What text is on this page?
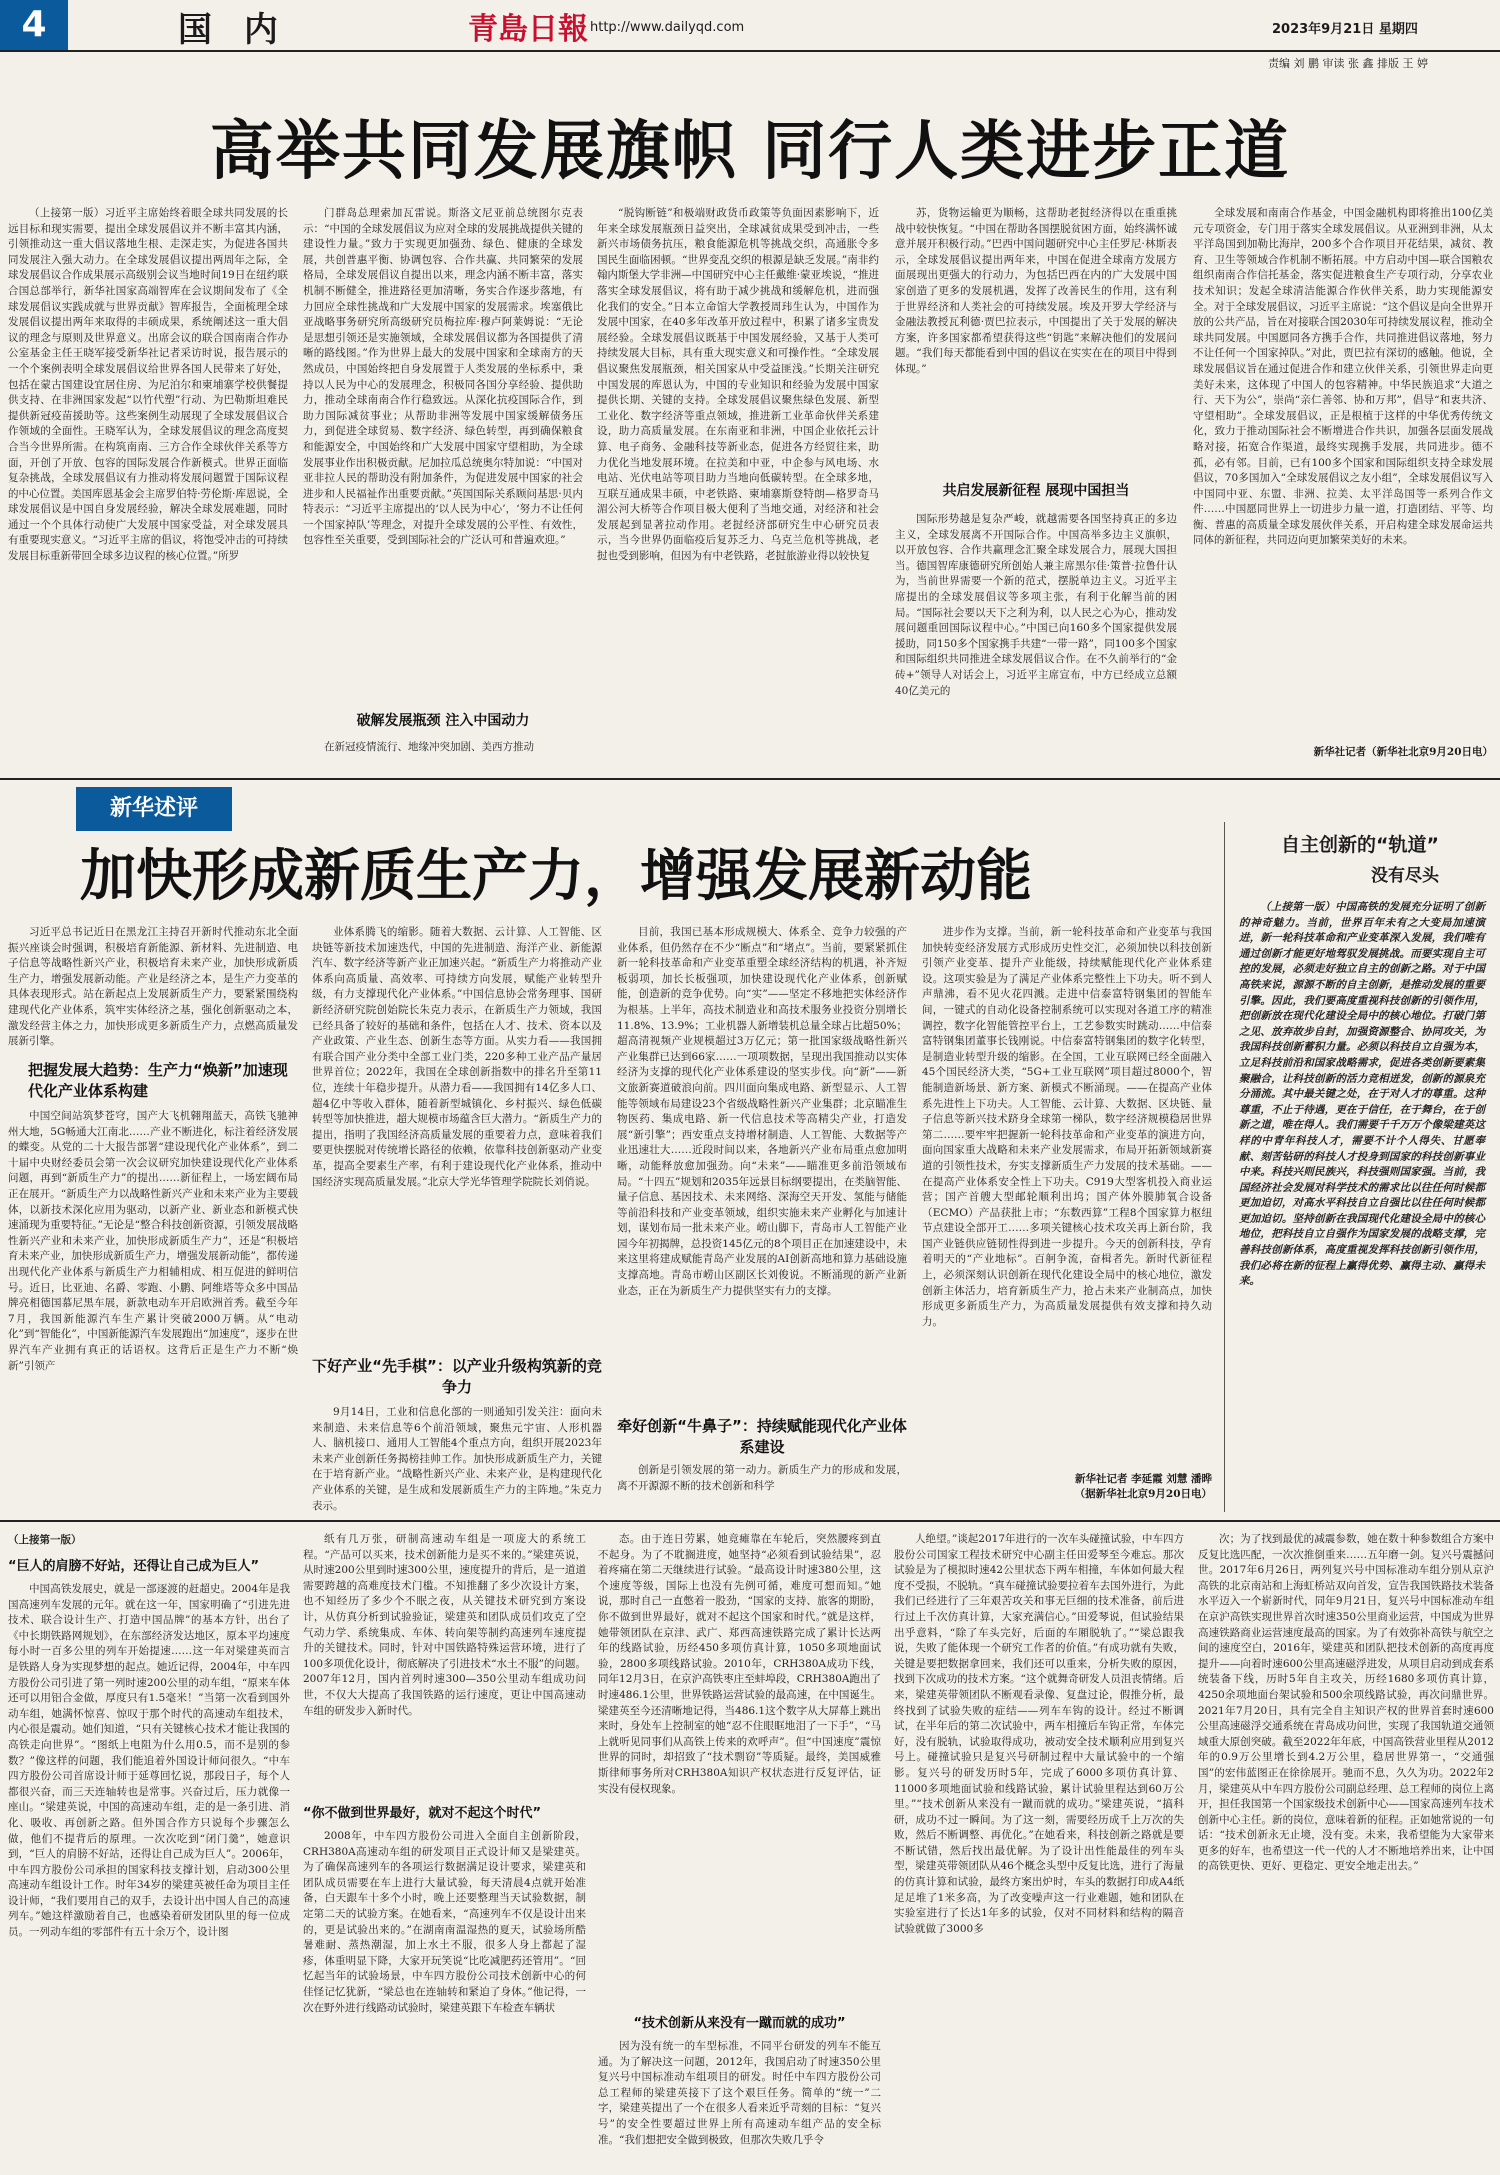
4	国 内	青島日報 http://www.dailyqd.com	2023年9月21日 星期四
责编 刘 鹏 审读 张 鑫 排版 王 婷
高举共同发展旗帜 同行人类进步正道
（上接第一版）习近平主席始终着眼全球共同发展的长远目标和现实需要，提出全球发展倡议并不断丰富其内涵，引领推动这一重大倡议落地生根、走深走实，为促进各国共同发展注入强大动力。在全球发展倡议提出两周年之际，全球发展倡议合作成果展示高级别会议当地时间19日在纽约联合国总部举行，新华社国家高端智库在会议期间发布了《全球发展倡议实践成就与世界贡献》智库报告，全面梳理全球发展倡议提出两年来取得的丰硕成果，系统阐述这一重大倡议的理念与原则及世界意义。出席会议的联合国南南合作办公室基金主任王晓军接受新华社记者采访时说，报告展示的一个个案例表明全球发展倡议给世界各国人民带来了好处，包括在蒙古国建设宜居住房、为尼泊尔和柬埔寨学校供餐提供支持、在非洲国家发起“以竹代塑”行动、为巴勒斯坦难民提供新冠疫苗援助等。这些案例生动展现了全球发展倡议合作领域的全面性。王晓军认为，全球发展倡议的理念高度契合当今世界所需。在构筑南南、三方合作全球伙伴关系等方面，开创了开放、包容的国际发展合作新模式。世界正面临复杂挑战，全球发展倡议有力推动将发展问题置于国际议程的中心位置。美国库恩基金会主席罗伯特·劳伦斯·库恩说，全球发展倡议是中国自身发展经验，解决全球发展难题，同时通过一个个具体行动使广大发展中国家受益，对全球发展具有重要现实意义。“习近平主席的倡议，将饱受冲击的可持续发展目标重新带回全球多边议程的核心位置。”所罗
门群岛总理索加瓦雷说。斯洛文尼亚前总统图尔克表示：“中国的全球发展倡议为应对全球的发展挑战提供关键的建设性力量。”致力于实现更加强劲、绿色、健康的全球发展，共创普惠平衡、协调包容、合作共赢、共同繁荣的发展格局，全球发展倡议自提出以来，理念内涵不断丰富，落实机制不断健全，推进路径更加清晰，务实合作逐步落地，有力回应全球性挑战和广大发展中国家的发展需求。埃塞俄比亚战略事务研究所高级研究员梅拉库·穆卢阿莱姆说：“无论是思想引领还是实施领域，全球发展倡议都为各国提供了清晰的路线图。”作为世界上最大的发展中国家和全球南方的天然成员，中国始终把自身发展置于人类发展的坐标系中，秉持以人民为中心的发展理念，积极同各国分享经验、提供助力，推动全球南南合作行稳致远。从深化抗疫国际合作，到助力国际减贫事业；从帮助非洲等发展中国家缓解债务压力，到促进全球贸易、数字经济、绿色转型，再到确保粮食和能源安全，中国始终和广大发展中国家守望相助，为全球发展事业作出积极贡献。尼加拉瓜总统奥尔特加说：“中国对亚非拉人民的帮助没有附加条件，为促进发展中国家的社会进步和人民福祉作出重要贡献。”英国国际关系顾问基思·贝内特表示：“习近平主席提出的‘以人民为中心’，‘努力不让任何一个国家掉队’等理念，对提升全球发展的公平性、有效性，包容性至关重要，受到国际社会的广泛认可和普遍欢迎。”
破解发展瓶颈 注入中国动力
在新冠疫情流行、地缘冲突加剧、美西方推动
“脱钩断链”和极端财政货币政策等负面因素影响下，近年来全球发展瓶颈日益突出，全球减贫成果受到冲击，一些新兴市场债务抗压，粮食能源危机等挑战交织，高通胀令多国民生面临困顿。“世界变乱交织的根源是缺乏发展。”南非约翰内斯堡大学非洲—中国研究中心主任戴维·蒙亚埃说，“推进落实全球发展倡议，将有助于减少挑战和缓解危机，进而强化我们的安全。”日本立命馆大学教授周玮生认为，中国作为发展中国家，在40多年改革开放过程中，积累了诸多宝贵发展经验。全球发展倡议既基于中国发展经验，又基于人类可持续发展大目标，具有重大现实意义和可操作性。“全球发展倡议聚焦发展瓶颈，相关国家从中受益匪浅。”长期关注研究中国发展的库恩认为，中国的专业知识和经验为发展中国家提供长期、关键的支持。全球发展倡议聚焦绿色发展、新型工业化、数字经济等重点领域，推进新工业革命伙伴关系建设，助力高质量发展。在东南亚和非洲，中国企业依托云计算、电子商务、金融科技等新业态，促进各方经贸往来，助力优化当地发展环境。在拉美和中亚，中企参与风电场、水电站、光伏电站等项目助力当地向低碳转型。在全球多地，互联互通成果丰硕，中老铁路、柬埔寨斯登特朗—格罗奇马湄公河大桥等合作项目极大便利了当地交通，对经济和社会发展起到显著拉动作用。老挝经济部研究生中心研究员表示，当今世界仍面临疫后复苏乏力、乌克兰危机等挑战，老挝也受到影响，但因为有中老铁路，老挝旅游业得以较快复
苏，货物运输更为顺畅，这帮助老挝经济得以在重重挑战中较快恢复。“中国在帮助各国摆脱贫困方面，始终满怀诚意并展开积极行动。”巴西中国问题研究中心主任罗尼·林斯表示，全球发展倡议提出两年来，中国在促进全球南方发展方面展现出更强大的行动力，为包括巴西在内的广大发展中国家创造了更多的发展机遇，发挥了改善民生的作用，这有利于世界经济和人类社会的可持续发展。埃及开罗大学经济与金融法教授瓦利德·贾巴拉表示，中国提出了关于发展的解决方案，许多国家都希望获得这些“钥匙”来解决他们的发展问题。“我们每天都能看到中国的倡议在实实在在的项目中得到体现。”
共启发展新征程 展现中国担当
国际形势越是复杂严峻，就越需要各国坚持真正的多边主义，全球发展离不开国际合作。中国高举多边主义旗帜，以开放包容、合作共赢理念汇聚全球发展合力，展现大国担当。德国智库康德研究所创始人兼主席黑尔佳·策普·拉鲁什认为，当前世界需要一个新的范式，摆脱单边主义。习近平主席提出的全球发展倡议等多项主张，有利于化解当前的困局。“国际社会要以天下之利为利，以人民之心为心，推动发展问题重回国际议程中心。”中国已向160多个国家提供发展援助，同150多个国家携手共建“一带一路”，同100多个国家和国际组织共同推进全球发展倡议合作。在不久前举行的“金砖+”领导人对话会上，习近平主席宣布，中方已经成立总额40亿美元的
全球发展和南南合作基金，中国金融机构即将推出100亿美元专项资金，专门用于落实全球发展倡议。从亚洲到非洲，从太平洋岛国到加勒比海岸，200多个合作项目开花结果，减贫、教育、卫生等领域合作机制不断拓展。中方启动中国—联合国粮农组织南南合作信托基金，落实促进粮食生产专项行动，分享农业技术知识；发起全球清洁能源合作伙伴关系，助力实现能源安全。对于全球发展倡议，习近平主席说：“这个倡议是向全世界开放的公共产品，旨在对接联合国2030年可持续发展议程，推动全球共同发展。中国愿同各方携手合作，共同推进倡议落地，努力不让任何一个国家掉队。”对此，贾巴拉有深切的感触。他说，全球发展倡议旨在通过促进合作和建立伙伴关系，引领世界走向更美好未来，这体现了中国人的包容精神。中华民族追求“大道之行、天下为公”，崇尚“亲仁善邻、协和万邦”，倡导“和衷共济、守望相助”。全球发展倡议，正是根植于这样的中华优秀传统文化，致力于推动国际社会不断增进合作共识，加强各层面发展战略对接，拓宽合作渠道，最终实现携手发展，共同进步。德不孤，必有邻。目前，已有100多个国家和国际组织支持全球发展倡议，70多国加入“全球发展倡议之友小组”，全球发展倡议写入中国同中亚、东盟、非洲、拉美、太平洋岛国等一系列合作文件……中国愿同世界上一切进步力量一道，打造团结、平等、均衡、普惠的高质量全球发展伙伴关系，开启构建全球发展命运共同体的新征程，共同迈向更加繁荣美好的未来。
新华社记者（新华社北京9月20日电）
新华述评
加快形成新质生产力，增强发展新动能
习近平总书记近日在黑龙江主持召开新时代推动东北全面振兴座谈会时强调，积极培育新能源、新材料、先进制造、电子信息等战略性新兴产业，积极培育未来产业，加快形成新质生产力，增强发展新动能。产业是经济之本，是生产力变革的具体表现形式。站在新起点上发展新质生产力，要紧紧围绕构建现代化产业体系，筑牢实体经济之基，强化创新驱动之本，激发经营主体之力，加快形成更多新质生产力，点燃高质量发展新引擎。
把握发展大趋势：生产力“焕新”加速现代化产业体系构建
中国空间站筑梦苍穹，国产大飞机翱翔蓝天，高铁飞驰神州大地，5G畅通大江南北……产业不断进化，标注着经济发展的蝶变。从党的二十大报告部署“建设现代化产业体系”，到二十届中央财经委员会第一次会议研究加快建设现代化产业体系问题，再到“新质生产力”的提出……新征程上，一场宏阔布局正在展开。“新质生产力以战略性新兴产业和未来产业为主要载体，以新技术深化应用为驱动，以新产业、新业态和新模式快速涌现为重要特征。”无论是“整合科技创新资源，引领发展战略性新兴产业和未来产业，加快形成新质生产力”，还是“积极培育未来产业，加快形成新质生产力，增强发展新动能”，都传递出现代化产业体系与新质生产力相辅相成、相互促进的鲜明信号。近日，比亚迪、名爵、零跑、小鹏、阿维塔等众多中国品牌亮相德国慕尼黑车展，新款电动车开启欧洲首秀。截至今年7月，我国新能源汽车生产累计突破2000万辆。从“电动化”到“智能化”，中国新能源汽车发展跑出“加速度”，逐步在世界汽车产业拥有真正的话语权。这背后正是生产力不断“焕新”引领产
业体系腾飞的缩影。随着大数据、云计算、人工智能、区块链等新技术加速迭代，中国的先进制造、海洋产业、新能源汽车、数字经济等新产业正加速兴起。“新质生产力将推动产业体系向高质量、高效率、可持续方向发展，赋能产业转型升级，有力支撑现代化产业体系。”中国信息协会常务理事、国研新经济研究院创始院长朱克力表示，在新质生产力领域，我国已经具备了较好的基础和条件，包括在人才、技术、资本以及产业政策、产业生态、创新生态等方面。从实力看——我国拥有联合国产业分类中全部工业门类，220多种工业产品产量居世界首位；2022年，我国在全球创新指数中的排名升至第11位，连续十年稳步提升。从潜力看——我国拥有14亿多人口、超4亿中等收入群体，随着新型城镇化、乡村振兴、绿色低碳转型等加快推进，超大规模市场蕴含巨大潜力。“新质生产力的提出，指明了我国经济高质量发展的重要着力点，意味着我们要更快摆脱对传统增长路径的依赖，依靠科技创新驱动产业变革，提高全要素生产率，有利于建设现代化产业体系，推动中国经济实现高质量发展。”北京大学光华管理学院院长刘俏说。
下好产业“先手棋”：以产业升级构筑新的竞争力
9月14日，工业和信息化部的一则通知引发关注：面向未来制造、未来信息等6个前沿领域，聚焦元宇宙、人形机器人、脑机接口、通用人工智能4个重点方向，组织开展2023年未来产业创新任务揭榜挂帅工作。加快形成新质生产力，关键在于培育新产业。“战略性新兴产业、未来产业，是构建现代化产业体系的关键，是生成和发展新质生产力的主阵地。”朱克力表示。
目前，我国已基本形成规模大、体系全、竞争力较强的产业体系，但仍然存在不少“断点”和“堵点”。当前，要紧紧抓住新一轮科技革命和产业变革重塑全球经济结构的机遇，补齐短板弱项，加长长板强项，加快建设现代化产业体系，创新赋能，创造新的竞争优势。向“实”——坚定不移地把实体经济作为根基。上半年，高技术制造业和高技术服务业投资分别增长11.8%、13.9%；工业机器人新增装机总量全球占比超50%；超高清视频产业规模超过3万亿元；第一批国家级战略性新兴产业集群已达到66家……一项项数据，呈现出我国推动以实体经济为支撑的现代化产业体系建设的坚实步伐。向“新”——新文旅新赛道破浪向前。四川面向集成电路、新型显示、人工智能等领域布局建设23个省级战略性新兴产业集群；北京瞄准生物医药、集成电路、新一代信息技术等高精尖产业，打造发展“新引擎”；西安重点支持增材制造、人工智能、大数据等产业迅速壮大……近段时间以来，各地新兴产业布局重点愈加明晰，动能释放愈加强劲。向“未来”——瞄准更多前沿领域布局。“十四五”规划和2035年远景目标纲要提出，在类脑智能、量子信息、基因技术、未来网络、深海空天开发、氢能与储能等前沿科技和产业变革领域，组织实施未来产业孵化与加速计划，谋划布局一批未来产业。崂山脚下，青岛市人工智能产业园今年初揭牌，总投资145亿元的8个项目正在加速建设中，未来这里将建成赋能青岛产业发展的AI创新高地和算力基础设施支撑高地。青岛市崂山区副区长刘俊说。不断涌现的新产业新业态，正在为新质生产力提供坚实有力的支撑。
牵好创新“牛鼻子”：持续赋能现代化产业体系建设
创新是引领发展的第一动力。新质生产力的形成和发展，离不开源源不断的技术创新和科学
进步作为支撑。当前，新一轮科技革命和产业变革与我国加快转变经济发展方式形成历史性交汇，必须加快以科技创新引领产业变革、提升产业能级，持续赋能现代化产业体系建设。这项实验是为了满足产业体系完整性上下功夫。听不到人声鼎沸，看不见火花四溅。走进中信泰富特钢集团的智能车间，一键式的自动化设备控制系统可以实现对各道工序的精准调控，数字化智能管控平台上，工艺参数实时跳动……中信泰富特钢集团董事长钱刚说。中信泰富特钢集团的数字化转型，是制造业转型升级的缩影。在全国，工业互联网已经全面融入45个国民经济大类，“5G+工业互联网”项目超过8000个，智能制造新场景、新方案、新模式不断涌现。——在提高产业体系先进性上下功夫。人工智能、云计算、大数据、区块链、量子信息等新兴技术跻身全球第一梯队，数字经济规模稳居世界第二……要牢牢把握新一轮科技革命和产业变革的演进方向，面向国家重大战略和未来产业发展需求，布局开拓新领域新赛道的引领性技术，夯实支撑新质生产力发展的技术基础。——在提高产业体系安全性上下功夫。C919大型客机投入商业运营；国产首艘大型邮轮顺利出坞；国产体外膜肺氧合设备（ECMO）产品获批上市；“东数西算”工程8个国家算力枢纽节点建设全部开工……多项关键核心技术攻关再上新台阶，我国产业链供应链韧性得到进一步提升。今天的创新科技，孕育着明天的“产业地标”。百舸争流，奋楫者先。新时代新征程上，必须深刻认识创新在现代化建设全局中的核心地位，激发创新主体活力，培育新质生产力，抢占未来产业制高点，加快形成更多新质生产力，为高质量发展提供有效支撑和持久动力。
新华社记者 李延霞 刘慧 潘晔
（据新华社北京9月20日电）
自主创新的“轨道”
没有尽头
（上接第一版）中国高铁的发展充分证明了创新的神奇魅力。当前，世界百年未有之大变局加速演进，新一轮科技革命和产业变革深入发展，我们唯有通过创新才能更好地驾驭发展挑战。而要实现自主可控的发展，必须走好独立自主的创新之路。对于中国高铁来说，源源不断的自主创新，是推动发展的重要引擎。因此，我们要高度重视科技创新的引领作用，把创新放在现代化建设全局中的核心地位。打破门第之见、放弃故步自封，加强资源整合、协同攻关，为我国科技创新蓄积力量。必须以科技自立自强为本，立足科技前沿和国家战略需求，促进各类创新要素集聚融合，让科技创新的活力竞相迸发，创新的源泉充分涌流。其中最关键之处，在于对人才的尊重。这种尊重，不止于待遇，更在于信任，在于舞台，在于创新之道，唯在得人。我们需要千千万万个像梁建英这样的中青年科技人才，需要不计个人得失、甘愿奉献、刻苦钻研的科技人才投身到国家的科技创新事业中来。科技兴则民族兴，科技强则国家强。当前，我国经济社会发展对科学技术的需求比以往任何时候都更加迫切，对高水平科技自立自强比以往任何时候都更加迫切。坚持创新在我国现代化建设全局中的核心地位，把科技自立自强作为国家发展的战略支撑，完善科技创新体系，高度重视发挥科技创新引领作用，我们必将在新的征程上赢得优势、赢得主动、赢得未来。
（上接第一版）
“巨人的肩膀不好站，还得让自己成为巨人”
中国高铁发展史，就是一部逐渡的赶超史。2004年是我国高速列车发展的元年。就在这一年，国家明确了“引进先进技术、联合设计生产、打造中国品牌”的基本方针，出台了《中长期铁路网规划》，在东部经济发达地区，原本平均速度每小时一百多公里的列车开始提速……这一年对梁建英而言是铁路人身为实现梦想的起点。她近记得，2004年，中车四方股份公司引进了第一列时速200公里的动车组，“原来车体还可以用铝合金做，厚度只有1.5毫米！”当第一次看到国外动车组，她满怀惊喜、惊叹于那个时代的高速动车组技术，内心很是震动。她们知道，“只有关键核心技术才能让我国的高铁走向世界”。“图纸上电阻为什么用0.5，而不是别的参数？”像这样的问题，我们能追着外国设计师问很久。“中车四方股份公司首席设计师于延尊回忆说，那段日子，每个人都很兴奋，而三天连轴转也是常事。兴奋过后，压力就像一座山。“梁建英说，中国的高速动车组，走的是一条引进、消化、吸收、再创新之路。但外国合作方只说每个步骤怎么做，他们不提背后的原理。一次次吃到“闭门羹”，她意识到，“巨人的肩膀不好站，还得让自己成为巨人”。2006年，中车四方股份公司承担的国家科技支撑计划，启动300公里高速动车组设计工作。时年34岁的梁建英被任命为项目主任设计师，“我们要用自己的双手，去设计出中国人自己的高速列车。”她这样激励着自己，也感染着研发团队里的每一位成员。一列动车组的零部件有五十余万个，设计图
纸有几万张，研制高速动车组是一项庞大的系统工程。“产品可以买来，技术创新能力是买不来的。”梁建英说，从时速200公里到时速300公里，速度提升的背后，是一道道需要跨越的高难度技术门槛。不知推翻了多少次设计方案，也不知经历了多少个不眠之夜，从关键技术研究到方案设计，从仿真分析到试验验证，梁建英和团队成员们攻克了空气动力学、系统集成、车体、转向架等制约高速列车速度提升的关键技术。同时，针对中国铁路特殊运营环境，进行了100多项优化设计，彻底解决了引进技术“水土不服”的问题。2007年12月，国内首列时速300—350公里动车组成功问世，不仅大大提高了我国铁路的运行速度，更让中国高速动车组的研发步入新时代。
“你不做到世界最好，就对不起这个时代”
2008年，中车四方股份公司进入全面自主创新阶段，CRH380A高速动车组的研发项目正式设计师又是梁建英。为了确保高速列车的各项运行数据满足设计要求，梁建英和团队成员需要在车上进行大量试验，每天清晨4点就开始准备，白天跟车十多个小时，晚上还要整理当天试验数据，制定第二天的试验方案。在她看来，“高速列车不仅是设计出来的，更是试验出来的。”在湖南南温湿热的夏天，试验场所酷暑难耐、蒸热潮湿，加上水土不服，很多人身上都起了湿疹，体重明显下降，大家开玩笑说“比吃减肥药还管用”。“回忆起当年的试验场景，中车四方股份公司技术创新中心的何佳怪记忆犹新，“梁总也在连轴转和紧迫了身体。”他记得，一次在野外进行线路动试验时，梁建英跟下车检查车辆状
态。由于连日劳累，她竟瘫靠在车轮后，突然腰疼到直不起身。为了不耽搁进度，她坚持“必须看到试验结果”，忍着疼痛在第二天继续进行试验。“最高设计时速380公里，这个速度等级，国际上也没有先例可循，难度可想而知。”她说，那时自己一直憋着一股劲，“国家的支持、旅客的期盼，你不做到世界最好，就对不起这个国家和时代。”就是这样，她带领团队在京津、武广、郑西高速铁路完成了累计长达两年的线路试验，历经450多项仿真计算，1050多项地面试验，2800多项线路试验。2010年，CRH380A成功下线，同年12月3日，在京沪高铁枣庄至蚌埠段，CRH380A跑出了时速486.1公里，世界铁路运营试验的最高速，在中国诞生。梁建英至今还清晰地记得，当486.1这个数字从大屏幕上跳出来时，身处车上控制室的她“忍不住眼眶地泪了一下手”，“马上就听见同事们从高铁上传来的欢呼声”。但“中国速度”震惊世界的同时，却招致了“技术剽窃”等质疑。最终，美国威雅斯律师事务所对CRH380A知识产权状态进行反复评估，证实没有侵权现象。
“技术创新从来没有一蹴而就的成功”
因为没有统一的车型标准，不同平台研发的列车不能互通。为了解决这一问题，2012年，我国启动了时速350公里复兴号中国标准动车组项目的研发。时任中车四方股份公司总工程师的梁建英接下了这个艰巨任务。简单的“统一”二字，梁建英提出了一个在很多人看来近乎苛刻的目标：“复兴号”的安全性要超过世界上所有高速动车组产品的安全标准。“我们想把安全做到极致，但那次失败几乎令
人绝望。”谈起2017年进行的一次车头碰撞试验，中车四方股份公司国家工程技术研究中心副主任田爱琴至今难忘。那次试验是为了模拟时速42公里状态下两车相撞，车体如何最大程度不受损，不脱轨。“真车碰撞试验要拉着车去国外进行，为此我们已经进行了三年艰苦攻关和事无巨细的技术准备，前后进行过上千次仿真计算，大家充满信心。”田爱琴说，但试验结果出乎意料，“除了车头完好，后面的车厢脱轨了。”“梁总跟我说，失败了能体现一个研究工作者的价值。”有成功就有失败，关键是要把数据拿回来，我们还可以重来，分析失败的原因，找到下次成功的技术方案。“这个就舞奇研发人员沮丧情绪。后来，梁建英带领团队不断观看录像、复盘过论，假推分析，最终找到了试验失败的症结——列车车钩的设计。经过不断调试，在半年后的第二次试验中，两车相撞后车钩正常，车体完好，没有脱轨，试验取得成功，被动安全技术顺利应用到复兴号上。碰撞试验只是复兴号研制过程中大量试验中的一个缩影。复兴号的研发历时5年，完成了6000多项仿真计算、11000多项地面试验和线路试验，累计试验里程达到60万公里。”“技术创新从来没有一蹴而就的成功。”梁建英说，“搞科研，成功不过一瞬间。为了这一刻，需要经历成千上万次的失败，然后不断调整、再优化。”在她看来，科技创新之路就是要不断试错，然后找出最优解。为了设计出性能最佳的列车头型，梁建英带领团队从46个概念头型中反复比选，进行了海量的仿真计算和试验，最终方案出炉时，车头的数据打印成A4纸足足堆了1米多高，为了改变噪声这一行业难题，她和团队在实验室进行了长达1年多的试验，仅对不同材料和结构的隔音试验就做了3000多
次；为了找到最优的减震参数，她在数十种参数组合方案中反复比选匹配，一次次推倒重来……五年磨一剑。复兴号震撼问世。2017年6月26日，两列复兴号中国标准动车组分别从京沪高铁的北京南站和上海虹桥站双向首发，宣告我国铁路技术装备水平迈入一个崭新时代，同年9月21日，复兴号中国标准动车组在京沪高铁实现世界首次时速350公里商业运营，中国成为世界高速铁路商业运营速度最高的国家。为了有效弥补高铁与航空之间的速度空白，2016年，梁建英和团队把技术创新的高度再度提升——向着时速600公里高速磁浮进发，从项目启动到成套系统装备下线，历时5年自主攻关，历经1680多项仿真计算，4250余项地面台架试验和500余项线路试验，再次问鼎世界。2021年7月20日，具有完全自主知识产权的世界首套时速600公里高速磁浮交通系统在青岛成功问世，实现了我国轨道交通领域重大原创突破。截至2022年年底，中国高铁营业里程从2012年的0.9万公里增长到4.2万公里，稳居世界第一，“交通强国”的宏伟蓝图正在徐徐展开。驰而不息，久久为功。2022年2月，梁建英从中车四方股份公司副总经理、总工程师的岗位上离开，担任我国第一个国家级技术创新中心——国家高速列车技术创新中心主任。新的岗位，意味着新的征程。正如她常说的一句话：“技术创新永无止境，没有变。未来，我希望能为大家带来更多的好车，也希望这一代一代的人才不断地培养出来，让中国的高铁更快、更好、更稳定、更安全地走出去。”
